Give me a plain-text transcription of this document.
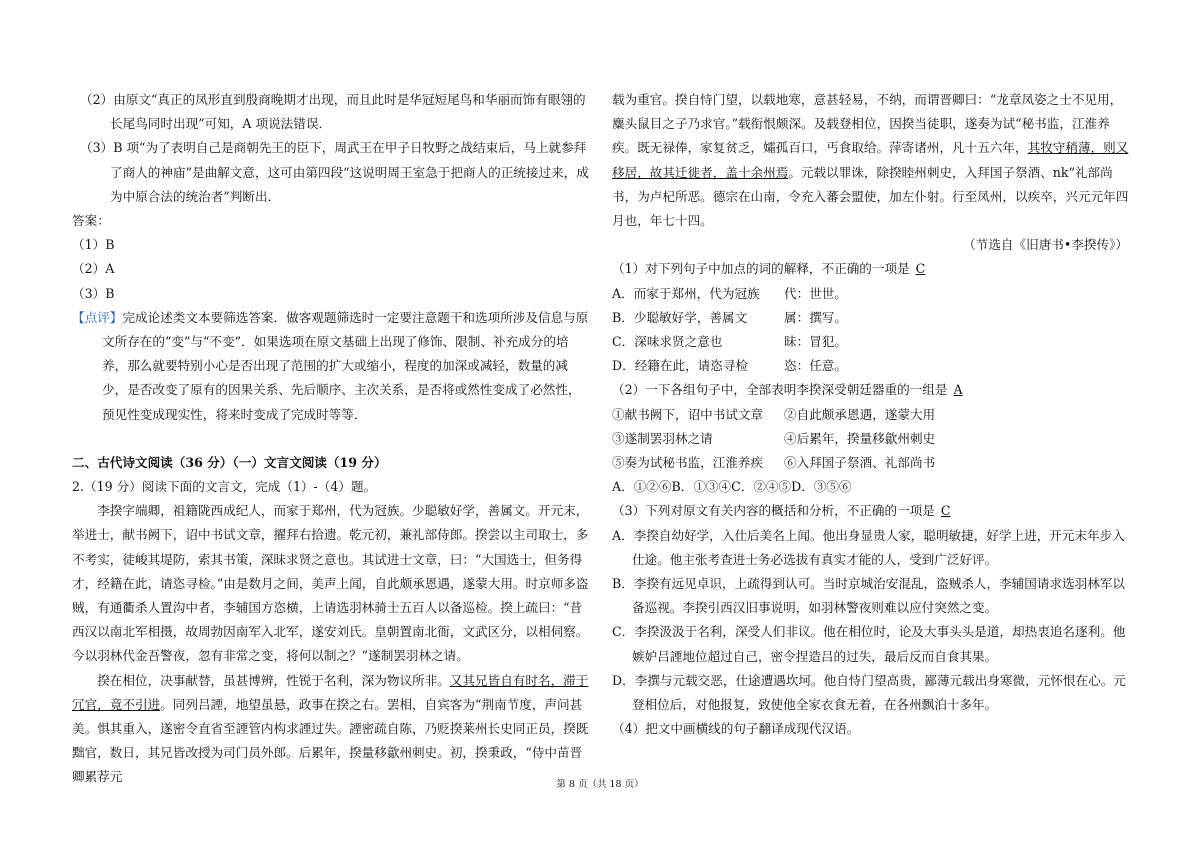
（2）由原文“真正的凤形直到殷商晚期才出现，而且此时是华冠短尾鸟和华丽而饰有眼翎的长尾鸟同时出现”可知，A 项说法错误．

（3）B 项“为了表明自己是商朝先王的臣下，周武王在甲子日牧野之战结束后，马上就参拜了商人的神庙”是曲解文意，这可由第四段“这说明周王室急于把商人的正统接过来，成为中原合法的统治者”判断出．

答案：

（1）B

（2）A

（3）B

【点评】完成论述类文本要筛选答案．做客观题筛选时一定要注意题干和选项所涉及信息与原文所存在的“变”与“不变”．如果选项在原文基础上出现了修饰、限制、补充成分的培养，那么就要特别小心是否出现了范围的扩大或缩小，程度的加深或减轻，数量的减少，是否改变了原有的因果关系、先后顺序、主次关系，是否将或然性变成了必然性，预见性变成现实性，将来时变成了完成时等等．

二、古代诗文阅读（36 分）（一）文言文阅读（19 分）

2.（19 分）阅读下面的文言文，完成（1）-（4）题。

李揆字端卿，祖籍陇西成纪人，而家于郑州，代为冠族。少聪敏好学，善属文。开元末，举进士，献书阙下，诏中书试文章，擢拜右拾遗。乾元初，兼礼部侍郎。揆尝以主司取士，多不考实，徒峻其堤防，索其书策，深昧求贤之意也。其试进士文章，曰：“大国选士，但务得才，经籍在此，请恣寻检。”由是数月之间，美声上闻，自此颇承恩遇，遂蒙大用。时京师多盗贼，有通衢杀人置沟中者，李辅国方恣横，上请选羽林骑士五百人以备巡检。揆上疏曰：“昔西汉以南北军相摄，故周勃因南军入北军，遂安刘氏。皇朝置南北衙，文武区分，以相伺察。今以羽林代金吾警夜，忽有非常之变，将何以制之？”遂制罢羽林之请。

揆在相位，决事献替，虽甚博辨，性锐于名利，深为物议所非。又其兄皆自有时名，滞于冗官，竟不引进。同列吕諲，地望虽悬，政事在揆之右。罢相，自宾客为“荆南节度，声问甚美。惧其重入，遂密令直省至諲管内构求諲过失。諲密疏自陈，乃贬揆莱州长史同正员，揆既黜官，数日，其兄皆改授为司门员外郎。后累年，揆量移歙州刺史。初，揆秉政，“侍中苗晋卿累荐元

载为重官。揆自恃门望，以载地寒，意甚轻易，不纳，而谓晋卿曰：“龙章凤姿之士不见用，麋头鼠目之子乃求官。”载衔恨颇深。及载登相位，因揆当徒职，遂奏为试“秘书监，江淮养疾。既无禄俸，家复贫乏，孀孤百口，丐食取给。萍寄诸州，凡十五六年，其牧守稍薄，则又移居，故其迁徙者，盖十余州焉。元载以罪诛，除揆睦州刺史，入拜国子祭酒、nk“礼部尚书，为卢杞所恶。德宗在山南，令充入蕃会盟使，加左仆射。行至凤州，以疾卒，兴元元年四月也，年七十四。

（节选自《旧唐书•李揆传》）

（1）对下列句子中加点的词的解释，不正确的一项是 C

A．而家于郑州，代为冠族	代：世世。
B．少聪敏好学，善属文	属：撰写。
C．深味求贤之意也	昧：冒犯。
D．经籍在此，请恣寻检	恣：任意。

（2）一下各组句子中，全部表明李揆深受朝廷器重的一组是 A

①献书阙下，诏中书试文章	②自此颇承恩遇，遂蒙大用
③遂制罢羽林之请	④后累年，揆量移歙州刺史
⑤奏为试秘书监，江淮养疾	⑥入拜国子祭酒、礼部尚书

A．①②⑥B．①③④C．②④⑤D．③⑤⑥

（3）下列对原文有关内容的概括和分析，不正确的一项是 C

A．李揆自幼好学，入仕后美名上闻。他出身显贵人家，聪明敏捷，好学上进，开元末年步入仕途。他主张考查进士务必选拔有真实才能的人，受到广泛好评。

B．李揆有远见卓识，上疏得到认可。当时京城治安混乱，盗贼杀人，李辅国请求选羽林军以备巡视。李揆引西汉旧事说明，如羽林警夜则难以应付突然之变。

C．李揆汲汲于名利，深受人们非议。他在相位时，论及大事头头是道，却热衷追名逐利。他嫉妒吕諲地位超过自己，密令捏造吕的过失，最后反而自食其果。

D．李撰与元载交恶，仕途遭遇坎坷。他自恃门望高贵，鄙薄元载出身寒微，元怀恨在心。元登相位后，对他报复，致使他全家衣食无着，在各州飘泊十多年。

（4）把文中画横线的句子翻译成现代汉语。

第 8 页（共 18 页）
